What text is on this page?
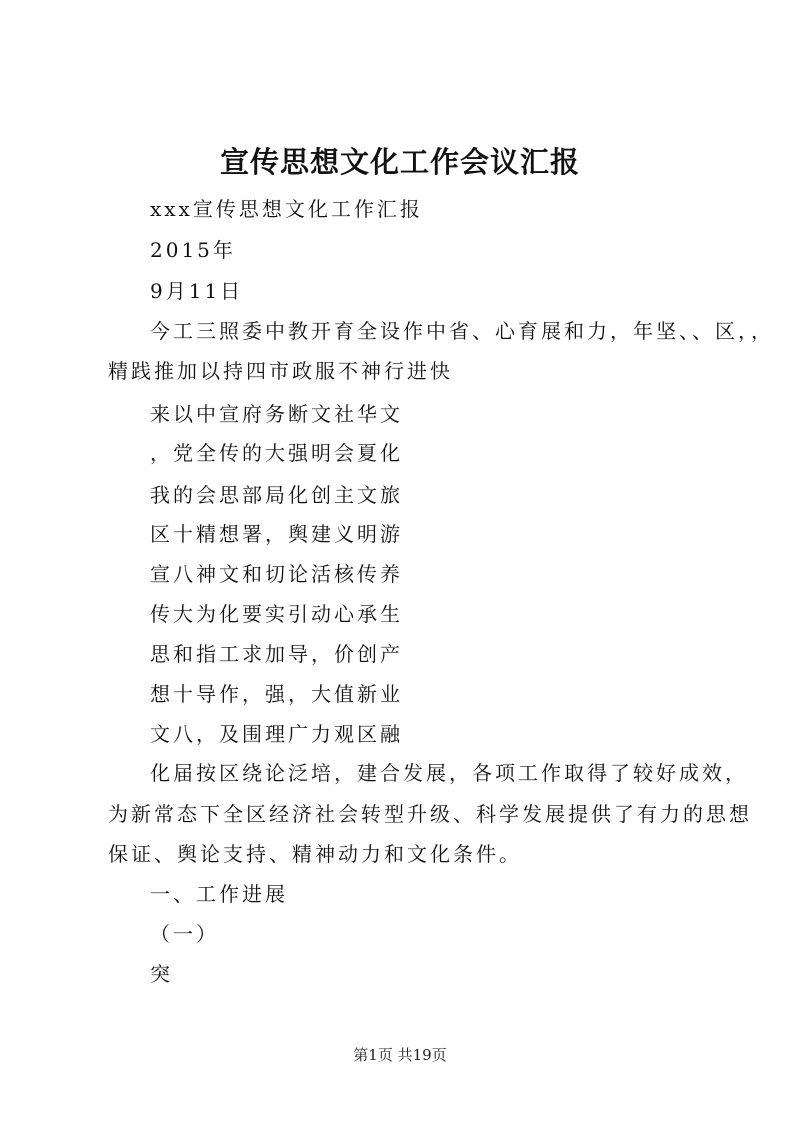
宣传思想文化工作会议汇报
xxx宣传思想文化工作汇报
2015年
9月11日
今工三照委中教开育全设作中省、心育展和力，年坚、、区，，
精践推加以持四市政服不神行进快
来以中宣府务断文社华文
，党全传的大强明会夏化
我的会思部局化创主文旅
区十精想署，舆建义明游
宣八神文和切论活核传养
传大为化要实引动心承生
思和指工求加导，价创产
想十导作，强，大值新业
文八，及围理广力观区融
化届按区绕论泛培，建合发展，各项工作取得了较好成效，
为新常态下全区经济社会转型升级、科学发展提供了有力的思想
保证、舆论支持、精神动力和文化条件。
一、工作进展
（一）
突
第1页 共19页
